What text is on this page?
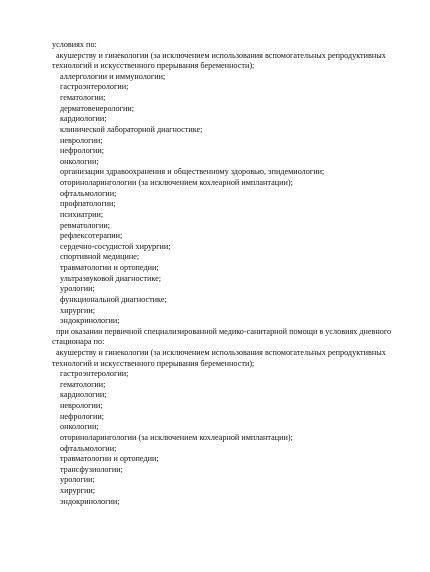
условиях по:
акушерству и гинекологии (за исключением использования вспомогательных репродуктивных
технологий и искусственного прерывания беременности);
аллергологии и иммунологии;
гастроэнтерологии;
гематологии;
дерматовенерологии;
кардиологии;
клинической лабораторной диагностике;
неврологии;
нефрологии;
онкологии;
организации здравоохранения и общественному здоровью, эпидемиологии;
оториноларингологии (за исключением кохлеарной имплантации);
офтальмологии;
профпатологии;
психиатрии;
ревматологии;
рефлексотерапии;
сердечно-сосудистой хирургии;
спортивной медицине;
травматологии и ортопедии;
ультразвуковой диагностике;
урологии;
функциональной диагностике;
хирургии;
эндокринологии;
при оказании первичной специализированной медико-санитарной помощи в условиях дневного
стационара по:
акушерству и гинекологии (за исключением использования вспомогательных репродуктивных
технологий и искусственного прерывания беременности);
гастроэнтерологии;
гематологии;
кардиологии;
неврологии;
нефрологии;
онкологии;
оториноларингологии (за исключением кохлеарной имплантации);
офтальмологии;
травматологии и ортопедии;
трансфузиологии;
урологии;
хирургии;
эндокринологии;
